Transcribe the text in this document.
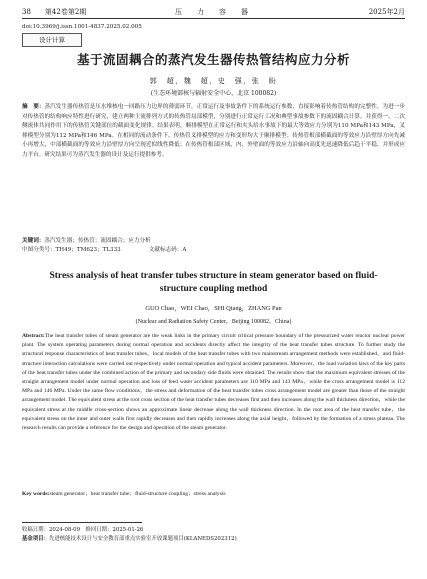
38　　第42卷第2期	压　力　容　器	2025年2月
doi:10.3969/j.issn.1001-4837.2025.02.005
设计计算
基于流固耦合的蒸汽发生器传热管结构应力分析
郭　超，魏　超，史　强，张　盼
(生态环境部核与辐射安全中心，北京 100082)
摘　要：蒸汽发生器传热管是压水堆核电一回路压力边界的薄弱环节，正常运行及事故条件下的系统运行参数，直接影响着传热管结构的完整性。为进一步对传热管的结构响应特性进行研究，建立两种主流排列方式的传热管局部模型，分别进行正常运行工况和典型事故参数下的流固耦合计算，并获得一、二次侧流体共同作用下的传热管关键部位的截面变化规律。结果表明，顺排模型在正常运行和夹头给水事故下的最大等效应力分别为110 MPa和143 MPa，叉排模型分别为112 MPa和146 MPa。在相同的流动条件下，传热管叉排模型的应力和变形均大于顺排模型；传热管根部横截面的等效应力沿壁厚方向先减小再增大，中部横截面的等效应力沿壁厚方向呈现近似线性降低；在传热管根部区域，内、外壁面的等效应力沿轴向高度先迅速降低后趋于平稳，并形成应力平台。研究结果可为蒸汽发生器的设计及运行提供参考。
关键词：蒸汽发生器；传热管；流固耦合；应力分析
中图分类号：TH49；TM623；TL333	文献标志码：A
Stress analysis of heat transfer tubes structure in steam generator based on fluid-structure coupling method
GUO Chao，WEI Chao，SHI Qiang，ZHANG Pan
(Nuclear and Radiation Safety Center，Beijing 100082，China)
Abstract:The heat transfer tubes of steam generator are the weak links in the primary circuit critical pressure boundary of the pressurized water reactor nuclear power plant. The system operating parameters during normal operation and accidents directly affect the integrity of the heat transfer tubes structure. To further study the structural response characteristics of heat transfer tubes，local models of the heat transfer tubes with two mainstream arrangement methods were established，and fluid-structure interaction calculations were carried out respectively under normal operation and typical accident parameters. Moreover，the load variation laws of the key parts of the heat transfer tubes under the combined action of the primary and secondary side fluids were obtained. The results show that the maximum equivalent stresses of the straight arrangement model under normal operation and loss of feed water accident parameters are 110 MPa and 143 MPa，while the cross arrangement model is 112 MPa and 146 MPa. Under the same flow conditions，the stress and deformation of the heat transfer tubes cross arrangement model are greater than those of the straight arrangement model. The equivalent stress at the root cross section of the heat transfer tubes decreases first and then increases along the wall thickness direction，while the equivalent stress at the middle cross-section shows an approximate linear decrease along the wall thickness direction. In the root area of the heat transfer tube，the equivalent stress on the inner and outer walls first rapidly decreases and then rapidly increases along the axial height，followed by the formation of a stress plateau. The research results can provide a reference for the design and operation of the steam generator.
Key words:steam generator；heat transfer tube；fluid-structure coupling；stress analysis
收稿日期：2024-08-09　修回日期：2025-01-26
基金项目：先进核能技术设计与安全教育部重点实验室开放课题项目(KLANEDS202312)
